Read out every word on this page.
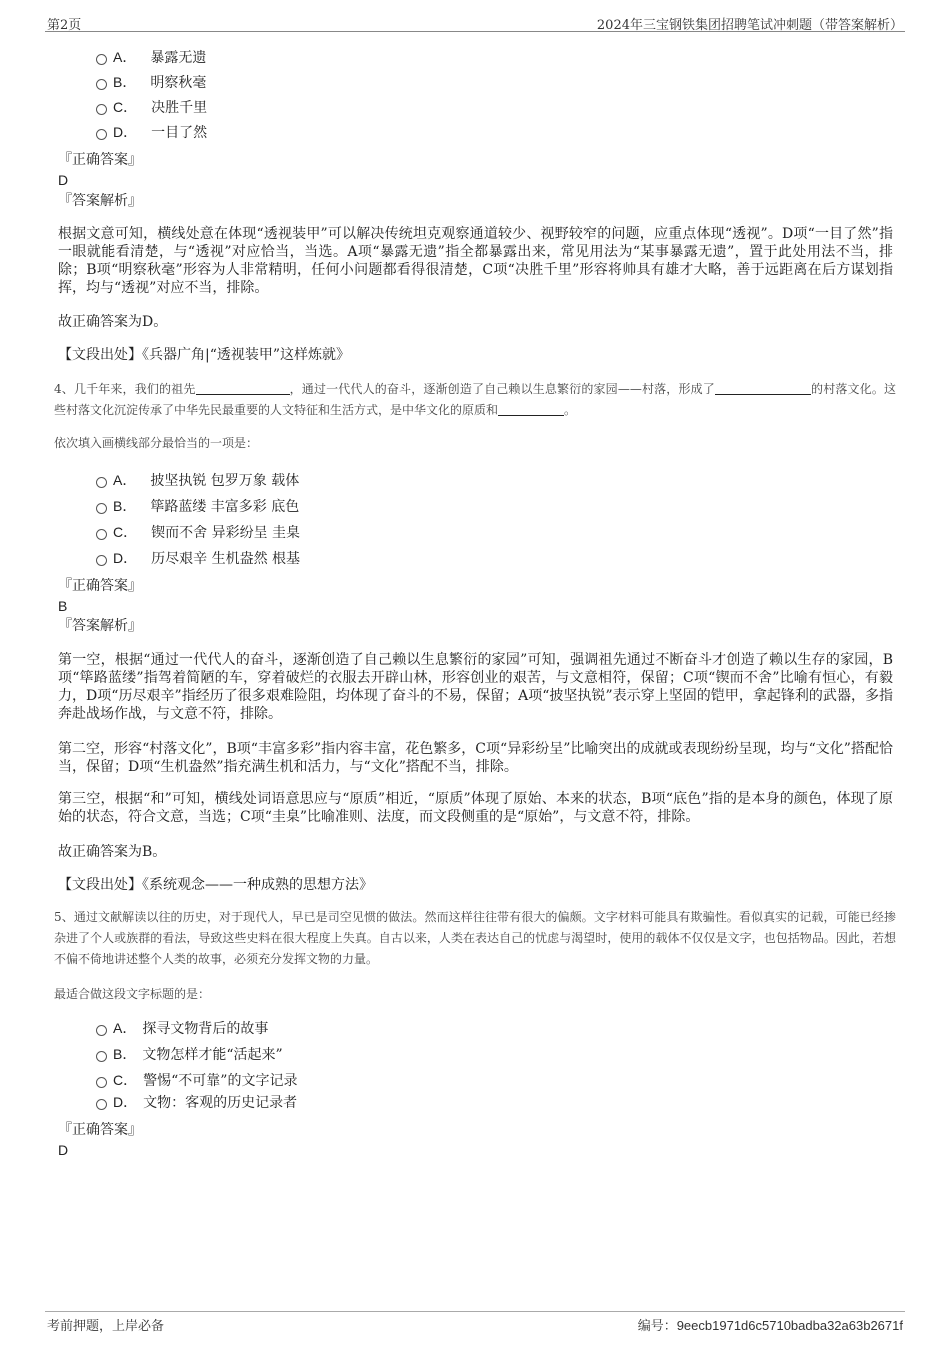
第2页	2024年三宝钢铁集团招聘笔试冲刺题（带答案解析）
A． 暴露无遗
B． 明察秋毫
C． 决胜千里
D． 一目了然
『正确答案』
D
『答案解析』
根据文意可知，横线处意在体现“透视装甲”可以解决传统坦克观察通道较少、视野较窄的问题，应重点体现“透视”。D项“一目了然”指一眼就能看清楚，与“透视”对应恰当，当选。A项“暴露无遗”指全都暴露出来，常见用法为“某事暴露无遗”，置于此处用法不当，排除；B项“明察秋毫”形容为人非常精明，任何小问题都看得很清楚，C项“决胜千里”形容将帅具有雄才大略，善于远距离在后方谋划指挥，均与“透视”对应不当，排除。
故正确答案为D。
【文段出处】《兵器广角|“透视装甲”这样炼就》
4、几千年来，我们的祖先	，通过一代代人的奋斗，逐渐创造了自己赖以生息繁衍的家园——村落，形成了	的村落文化。这些村落文化沉淀传承了中华先民最重要的人文特征和生活方式，是中华文化的原质和	。
依次填入画横线部分最恰当的一项是：
A． 披坚执锐 包罗万象 载体
B． 筚路蓝缕 丰富多彩 底色
C． 锲而不舍 异彩纷呈 圭臬
D． 历尽艰辛 生机盎然 根基
『正确答案』
B
『答案解析』
第一空，根据“通过一代代人的奋斗，逐渐创造了自己赖以生息繁衍的家园”可知，强调祖先通过不断奋斗才创造了赖以生存的家园，B项“筚路蓝缕”指驾着简陋的车，穿着破烂的衣服去开辟山林，形容创业的艰苦，与文意相符，保留；C项“锲而不舍”比喻有恒心，有毅力，D项“历尽艰辛”指经历了很多艰难险阻，均体现了奋斗的不易，保留；A项“披坚执锐”表示穿上坚固的铠甲，拿起锋利的武器，多指奔赴战场作战，与文意不符，排除。
第二空，形容“村落文化”，B项“丰富多彩”指内容丰富，花色繁多，C项“异彩纷呈”比喻突出的成就或表现纷纷呈现，均与“文化”搭配恰当，保留；D项“生机盎然”指充满生机和活力，与“文化”搭配不当，排除。
第三空，根据“和”可知，横线处词语意思应与“原质”相近，“原质”体现了原始、本来的状态，B项“底色”指的是本身的颜色，体现了原始的状态，符合文意，当选；C项“圭臬”比喻准则、法度，而文段侧重的是“原始”，与文意不符，排除。
故正确答案为B。
【文段出处】《系统观念——一种成熟的思想方法》
5、通过文献解读以往的历史，对于现代人，早已是司空见惯的做法。然而这样往往带有很大的偏颇。文字材料可能具有欺骗性。看似真实的记载，可能已经掺杂进了个人或族群的看法，导致这些史料在很大程度上失真。自古以来，人类在表达自己的忧虑与渴望时，使用的载体不仅仅是文字，也包括物品。因此，若想不偏不倚地讲述整个人类的故事，必须充分发挥文物的力量。
最适合做这段文字标题的是：
A． 探寻文物背后的故事
B． 文物怎样才能“活起来”
C． 警惕“不可靠”的文字记录
D． 文物：客观的历史记录者
『正确答案』
D
考前押题，上岸必备	编号：9eecb1971d6c5710badba32a63b2671f
